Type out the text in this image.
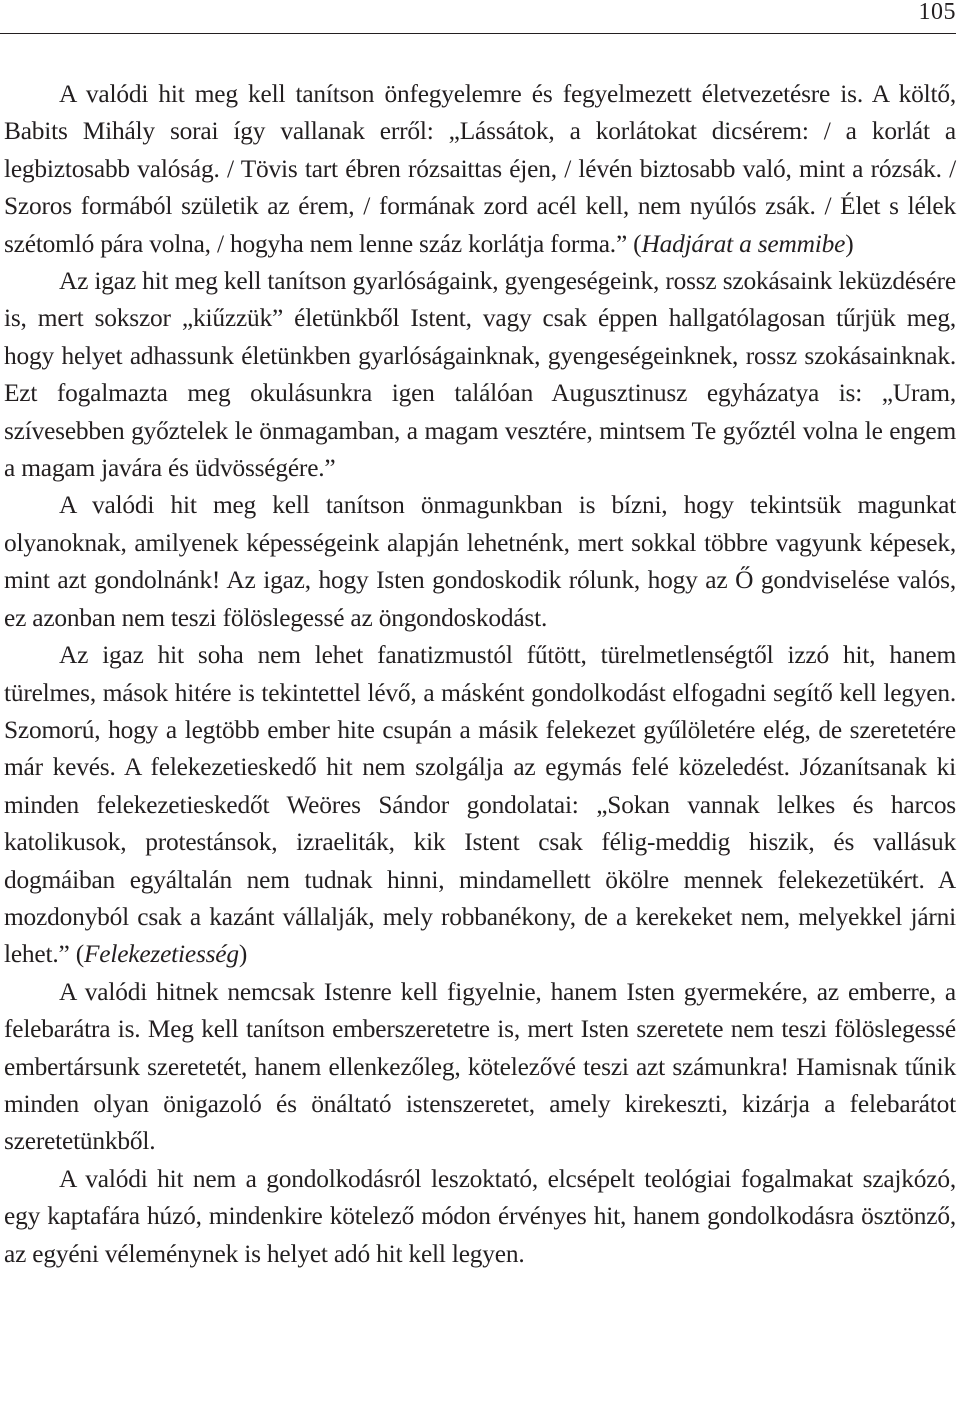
105

A valódi hit meg kell tanítson önfegyelemre és fegyelmezett életvezetésre is. A költő, Babits Mihály sorai így vallanak erről: „Lássátok, a korlátokat dicsérem: / a korlát a legbiztosabb valóság. / Tövis tart ébren rózsaittas éjen, / lévén biztosabb való, mint a rózsák. / Szoros formából születik az érem, / formának zord acél kell, nem nyúlós zsák. / Élet s lélek szétomló pára volna, / hogyha nem lenne száz korlátja forma.” (Hadjárat a semmibe)

Az igaz hit meg kell tanítson gyarlóságaink, gyengeségeink, rossz szokásaink leküzdésére is, mert sokszor „kiűzzük” életünkből Istent, vagy csak éppen hallgatólagosan tűrjük meg, hogy helyet adhassunk életünkben gyarlóságainknak, gyengeségeinknek, rossz szokásainknak. Ezt fogalmazta meg okulásunkra igen találóan Augusztinusz egyházatya is: „Uram, szívesebben győztelek le önmagamban, a magam vesztére, mintsem Te győztél volna le engem a magam javára és üdvösségére.”

A valódi hit meg kell tanítson önmagunkban is bízni, hogy tekintsük magunkat olyanoknak, amilyenek képességeink alapján lehetnénk, mert sokkal többre vagyunk képesek, mint azt gondolnánk! Az igaz, hogy Isten gondoskodik rólunk, hogy az Ő gondviselése valós, ez azonban nem teszi fölöslegessé az öngondoskodást.

Az igaz hit soha nem lehet fanatizmustól fűtött, türelmetlenségtől izzó hit, hanem türelmes, mások hitére is tekintettel lévő, a másként gondolkodást elfogadni segítő kell legyen. Szomorú, hogy a legtöbb ember hite csupán a másik felekezet gyűlöletére elég, de szeretetére már kevés. A felekezetieskedő hit nem szolgálja az egymás felé közeledést. Józanítsanak ki minden felekezetieskedőt Weöres Sándor gondolatai: „Sokan vannak lelkes és harcos katolikusok, protestánsok, izraeliták, kik Istent csak félig-meddig hiszik, és vallásuk dogmáiban egyáltalán nem tudnak hinni, mindamellett ökölre mennek felekezetükért. A mozdonyból csak a kazánt vállalják, mely robbanékony, de a kerekeket nem, melyekkel járni lehet.” (Felekezetiesség)

A valódi hitnek nemcsak Istenre kell figyelnie, hanem Isten gyermekére, az emberre, a felebarátra is. Meg kell tanítson emberszeretetre is, mert Isten szeretete nem teszi fölöslegessé embertársunk szeretetét, hanem ellenkezőleg, kötelezővé teszi azt számunkra! Hamisnak tűnik minden olyan önigazoló és önáltató istenszeretet, amely kirekeszti, kizárja a felebarátot szeretetünkből.

A valódi hit nem a gondolkodásról leszoktató, elcsépelt teológiai fogalmakat szajkózó, egy kaptafára húzó, mindenkire kötelező módon érvényes hit, hanem gondolkodásra ösztönző, az egyéni véleménynek is helyet adó hit kell legyen.
